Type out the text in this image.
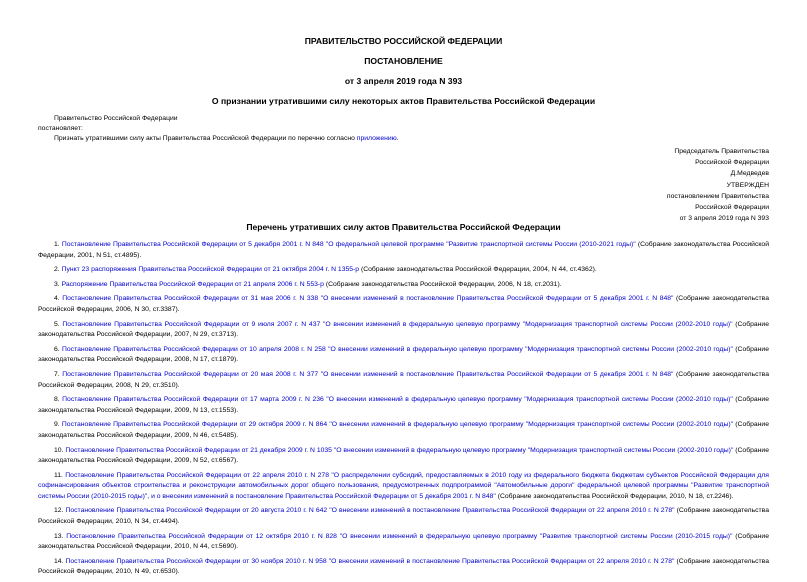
ПРАВИТЕЛЬСТВО РОССИЙСКОЙ ФЕДЕРАЦИИ
ПОСТАНОВЛЕНИЕ
от 3 апреля 2019 года N 393
О признании утратившими силу некоторых актов Правительства Российской Федерации
Правительство Российской Федерации
постановляет:
Признать утратившими силу акты Правительства Российской Федерации по перечню согласно приложению.
Председатель Правительства
Российской Федерации
Д.Медведев
УТВЕРЖДЕН
постановлением Правительства
Российской Федерации
от 3 апреля 2019 года N 393
Перечень утративших силу актов Правительства Российской Федерации

1. Постановление Правительства Российской Федерации от 5 декабря 2001 г. N 848 "О федеральной целевой программе "Развитие транспортной системы России (2010-2021 годы)" (Собрание законодательства Российской Федерации, 2001, N 51, ст.4895).

2. Пункт 23 распоряжения Правительства Российской Федерации от 21 октября 2004 г. N 1355-р (Собрание законодательства Российской Федерации, 2004, N 44, ст.4362).

3. Распоряжение Правительства Российской Федерации от 21 апреля 2006 г. N 553-р (Собрание законодательства Российской Федерации, 2006, N 18, ст.2031).

4. Постановление Правительства Российской Федерации от 31 мая 2006 г. N 338 "О внесении изменений в постановление Правительства Российской Федерации от 5 декабря 2001 г. N 848" (Собрание законодательства Российской Федерации, 2006, N 30, ст.3387).

5. Постановление Правительства Российской Федерации от 9 июля 2007 г. N 437 "О внесении изменений в федеральную целевую программу "Модернизация транспортной системы России (2002-2010 годы)" (Собрание законодательства Российской Федерации, 2007, N 29, ст.3713).

6. Постановление Правительства Российской Федерации от 10 апреля 2008 г. N 258 "О внесении изменений в федеральную целевую программу "Модернизация транспортной системы России (2002-2010 годы)" (Собрание законодательства Российской Федерации, 2008, N 17, ст.1879).

7. Постановление Правительства Российской Федерации от 20 мая 2008 г. N 377 "О внесении изменений в постановление Правительства Российской Федерации от 5 декабря 2001 г. N 848" (Собрание законодательства Российской Федерации, 2008, N 29, ст.3510).

8. Постановление Правительства Российской Федерации от 17 марта 2009 г. N 236 "О внесении изменений в федеральную целевую программу "Модернизация транспортной системы России (2002-2010 годы)" (Собрание законодательства Российской Федерации, 2009, N 13, ст.1553).

9. Постановление Правительства Российской Федерации от 29 октября 2009 г. N 864 "О внесении изменений в федеральную целевую программу "Модернизация транспортной системы России (2002-2010 годы)" (Собрание законодательства Российской Федерации, 2009, N 46, ст.5485).

10. Постановление Правительства Российской Федерации от 21 декабря 2009 г. N 1035 "О внесении изменений в федеральную целевую программу "Модернизация транспортной системы России (2002-2010 годы)" (Собрание законодательства Российской Федерации, 2009, N 52, ст.6567).

11. Постановление Правительства Российской Федерации от 22 апреля 2010 г. N 278 "О распределении субсидий, предоставляемых в 2010 году из федерального бюджета бюджетам субъектов Российской Федерации для софинансирования объектов строительства и реконструкции автомобильных дорог общего пользования, предусмотренных подпрограммой "Автомобильные дороги" федеральной целевой программы "Развитие транспортной системы России (2010-2015 годы)", и о внесении изменений в постановление Правительства Российской Федерации от 5 декабря 2001 г. N 848" (Собрание законодательства Российской Федерации, 2010, N 18, ст.2246).

12. Постановление Правительства Российской Федерации от 20 августа 2010 г. N 642 "О внесении изменений в постановление Правительства Российской Федерации от 22 апреля 2010 г. N 278" (Собрание законодательства Российской Федерации, 2010, N 34, ст.4494).

13. Постановление Правительства Российской Федерации от 12 октября 2010 г. N 828 "О внесении изменений в федеральную целевую программу "Развитие транспортной системы России (2010-2015 годы)" (Собрание законодательства Российской Федерации, 2010, N 44, ст.5690).

14. Постановление Правительства Российской Федерации от 30 ноября 2010 г. N 958 "О внесении изменений в постановление Правительства Российской Федерации от 22 апреля 2010 г. N 278" (Собрание законодательства Российской Федерации, 2010, N 49, ст.6530).
